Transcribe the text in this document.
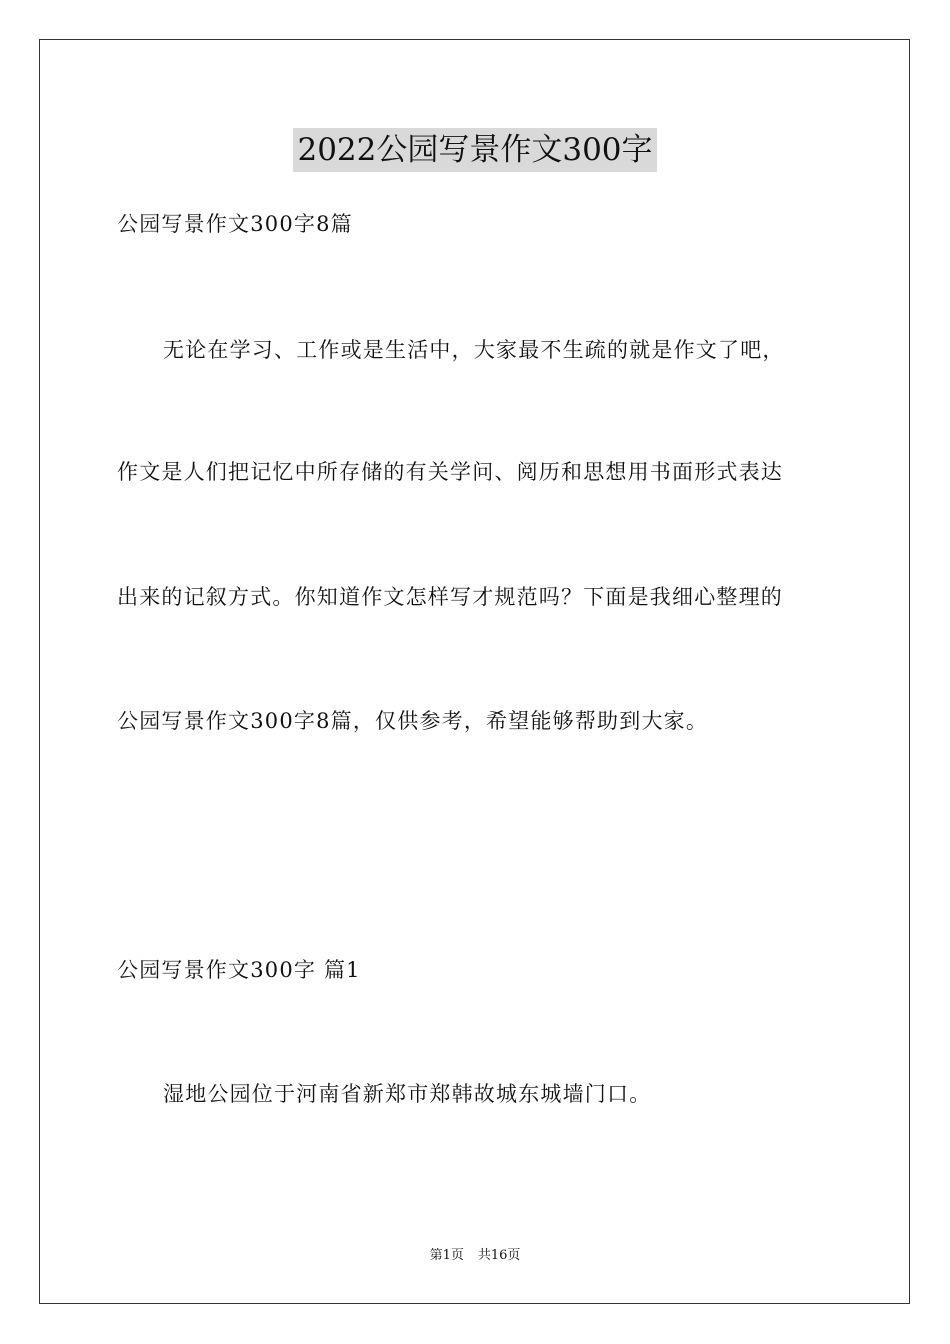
2022公园写景作文300字
公园写景作文300字8篇
无论在学习、工作或是生活中，大家最不生疏的就是作文了吧，
作文是人们把记忆中所存储的有关学问、阅历和思想用书面形式表达
出来的记叙方式。你知道作文怎样写才规范吗？下面是我细心整理的
公园写景作文300字8篇，仅供参考，希望能够帮助到大家。
公园写景作文300字 篇1
湿地公园位于河南省新郑市郑韩故城东城墙门口。
第1页 共16页
